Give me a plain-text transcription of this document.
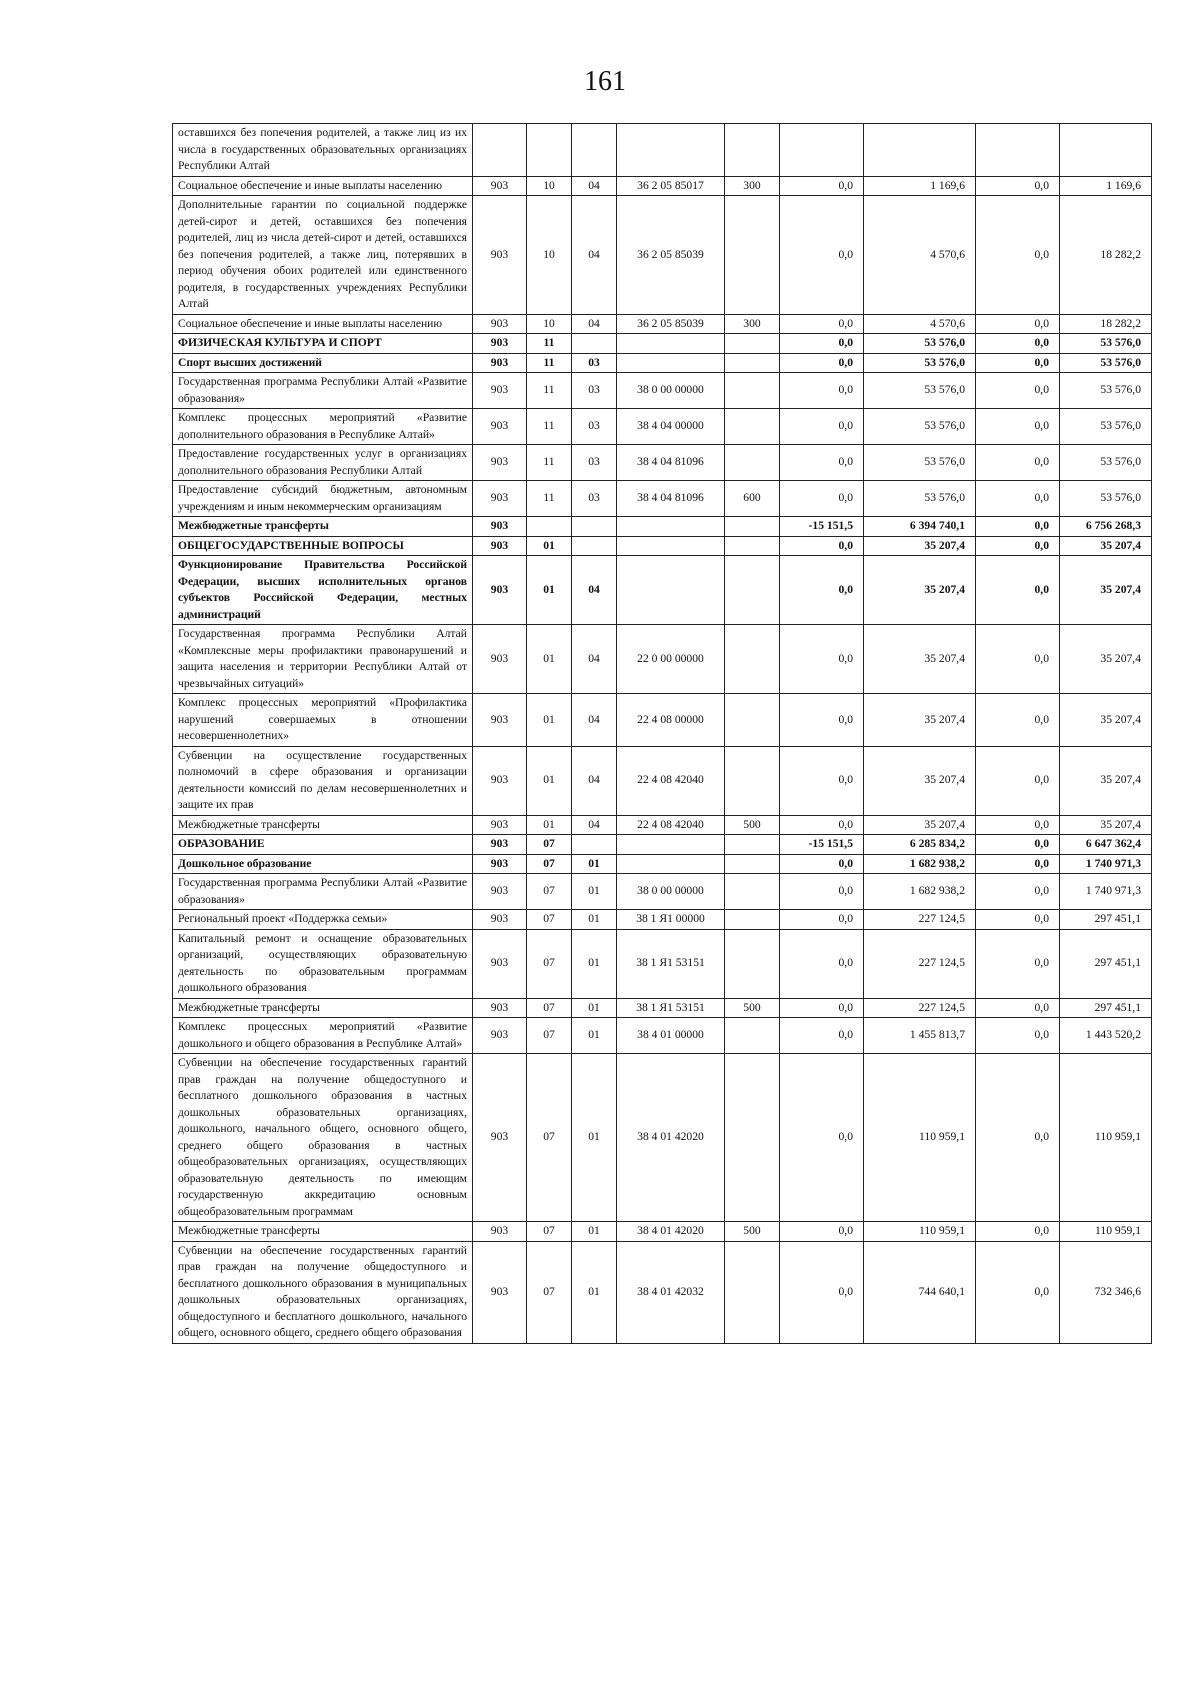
161
оставшихся без попечения родителей, а также лиц из их числа в государственных образовательных организациях Республики Алтай									
Социальное обеспечение и иные выплаты населению	903	10	04	36 2 05 85017	300	0,0	1 169,6	0,0	1 169,6
Дополнительные гарантии по социальной поддержке детей-сирот и детей, оставшихся без попечения родителей, лиц из числа детей-сирот и детей, оставшихся без попечения родителей, а также лиц, потерявших в период обучения обоих родителей или единственного родителя, в государственных учреждениях Республики Алтай	903	10	04	36 2 05 85039		0,0	4 570,6	0,0	18 282,2
Социальное обеспечение и иные выплаты населению	903	10	04	36 2 05 85039	300	0,0	4 570,6	0,0	18 282,2
ФИЗИЧЕСКАЯ КУЛЬТУРА И СПОРТ	903	11				0,0	53 576,0	0,0	53 576,0
Спорт высших достижений	903	11	03			0,0	53 576,0	0,0	53 576,0
Государственная программа Республики Алтай «Развитие образования»	903	11	03	38 0 00 00000		0,0	53 576,0	0,0	53 576,0
Комплекс процессных мероприятий «Развитие дополнительного образования в Республике Алтай»	903	11	03	38 4 04 00000		0,0	53 576,0	0,0	53 576,0
Предоставление государственных услуг в организациях дополнительного образования Республики Алтай	903	11	03	38 4 04 81096		0,0	53 576,0	0,0	53 576,0
Предоставление субсидий бюджетным, автономным учреждениям и иным некоммерческим организациям	903	11	03	38 4 04 81096	600	0,0	53 576,0	0,0	53 576,0
Межбюджетные трансферты	903					-15 151,5	6 394 740,1	0,0	6 756 268,3
ОБЩЕГОСУДАРСТВЕННЫЕ ВОПРОСЫ	903	01				0,0	35 207,4	0,0	35 207,4
Функционирование Правительства Российской Федерации, высших исполнительных органов субъектов Российской Федерации, местных администраций	903	01	04			0,0	35 207,4	0,0	35 207,4
Государственная программа Республики Алтай «Комплексные меры профилактики правонарушений и защита населения и территории Республики Алтай от чрезвычайных ситуаций»	903	01	04	22 0 00 00000		0,0	35 207,4	0,0	35 207,4
Комплекс процессных мероприятий «Профилактика нарушений совершаемых в отношении несовершеннолетних»	903	01	04	22 4 08 00000		0,0	35 207,4	0,0	35 207,4
Субвенции на осуществление государственных полномочий в сфере образования и организации деятельности комиссий по делам несовершеннолетних и защите их прав	903	01	04	22 4 08 42040		0,0	35 207,4	0,0	35 207,4
Межбюджетные трансферты	903	01	04	22 4 08 42040	500	0,0	35 207,4	0,0	35 207,4
ОБРАЗОВАНИЕ	903	07				-15 151,5	6 285 834,2	0,0	6 647 362,4
Дошкольное образование	903	07	01			0,0	1 682 938,2	0,0	1 740 971,3
Государственная программа Республики Алтай «Развитие образования»	903	07	01	38 0 00 00000		0,0	1 682 938,2	0,0	1 740 971,3
Региональный проект «Поддержка семьи»	903	07	01	38 1 Я1 00000		0,0	227 124,5	0,0	297 451,1
Капитальный ремонт и оснащение образовательных организаций, осуществляющих образовательную деятельность по образовательным программам дошкольного образования	903	07	01	38 1 Я1 53151		0,0	227 124,5	0,0	297 451,1
Межбюджетные трансферты	903	07	01	38 1 Я1 53151	500	0,0	227 124,5	0,0	297 451,1
Комплекс процессных мероприятий «Развитие дошкольного и общего образования в Республике Алтай»	903	07	01	38 4 01 00000		0,0	1 455 813,7	0,0	1 443 520,2
Субвенции на обеспечение государственных гарантий прав граждан на получение общедоступного и бесплатного дошкольного образования в частных дошкольных образовательных организациях, дошкольного, начального общего, основного общего, среднего общего образования в частных общеобразовательных организациях, осуществляющих образовательную деятельность по имеющим государственную аккредитацию основным общеобразовательным программам	903	07	01	38 4 01 42020		0,0	110 959,1	0,0	110 959,1
Межбюджетные трансферты	903	07	01	38 4 01 42020	500	0,0	110 959,1	0,0	110 959,1
Субвенции на обеспечение государственных гарантий прав граждан на получение общедоступного и бесплатного дошкольного образования в муниципальных дошкольных образовательных организациях, общедоступного и бесплатного дошкольного, начального общего, основного общего, среднего общего образования	903	07	01	38 4 01 42032		0,0	744 640,1	0,0	732 346,6
